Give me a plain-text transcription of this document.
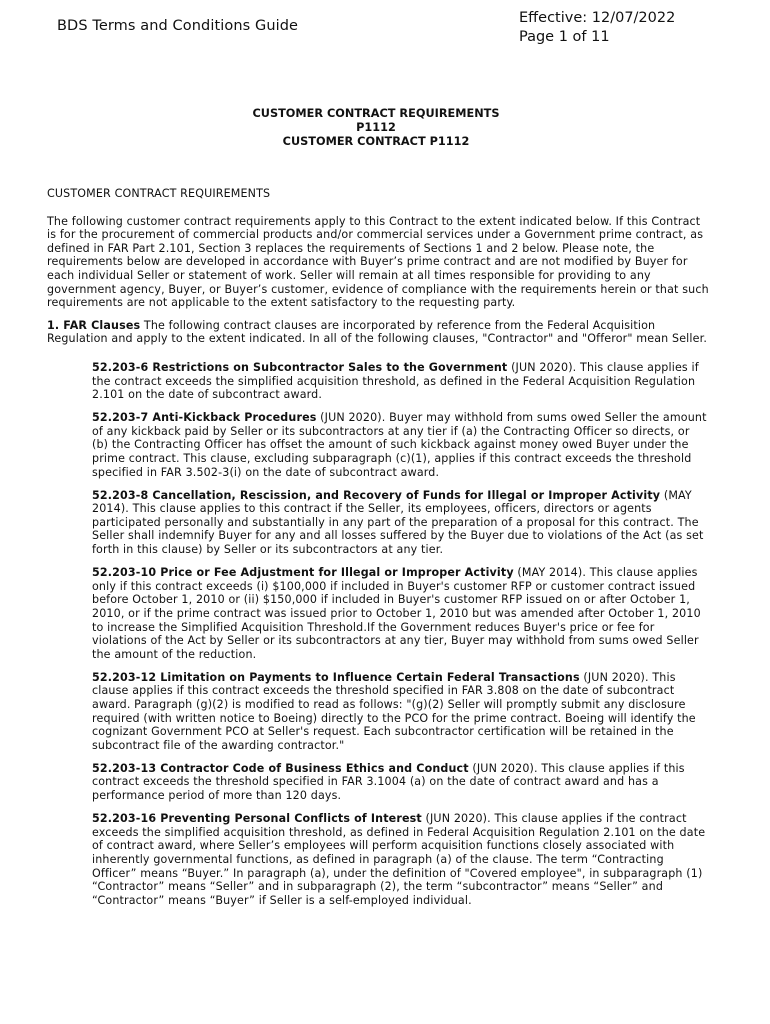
BDS Terms and Conditions Guide	Effective: 12/07/2022
Page 1 of 11
CUSTOMER CONTRACT REQUIREMENTS
P1112
CUSTOMER CONTRACT P1112

CUSTOMER CONTRACT REQUIREMENTS

The following customer contract requirements apply to this Contract to the extent indicated below. If this Contract is for the procurement of commercial products and/or commercial services under a Government prime contract, as defined in FAR Part 2.101, Section 3 replaces the requirements of Sections 1 and 2 below. Please note, the requirements below are developed in accordance with Buyer’s prime contract and are not modified by Buyer for each individual Seller or statement of work. Seller will remain at all times responsible for providing to any government agency, Buyer, or Buyer’s customer, evidence of compliance with the requirements herein or that such requirements are not applicable to the extent satisfactory to the requesting party.

1. FAR Clauses The following contract clauses are incorporated by reference from the Federal Acquisition Regulation and apply to the extent indicated. In all of the following clauses, "Contractor" and "Offeror" mean Seller.

52.203-6 Restrictions on Subcontractor Sales to the Government (JUN 2020). This clause applies if the contract exceeds the simplified acquisition threshold, as defined in the Federal Acquisition Regulation 2.101 on the date of subcontract award.

52.203-7 Anti-Kickback Procedures (JUN 2020). Buyer may withhold from sums owed Seller the amount of any kickback paid by Seller or its subcontractors at any tier if (a) the Contracting Officer so directs, or (b) the Contracting Officer has offset the amount of such kickback against money owed Buyer under the prime contract. This clause, excluding subparagraph (c)(1), applies if this contract exceeds the threshold specified in FAR 3.502-3(i) on the date of subcontract award.

52.203-8 Cancellation, Rescission, and Recovery of Funds for Illegal or Improper Activity (MAY 2014). This clause applies to this contract if the Seller, its employees, officers, directors or agents participated personally and substantially in any part of the preparation of a proposal for this contract. The Seller shall indemnify Buyer for any and all losses suffered by the Buyer due to violations of the Act (as set forth in this clause) by Seller or its subcontractors at any tier.

52.203-10 Price or Fee Adjustment for Illegal or Improper Activity (MAY 2014). This clause applies only if this contract exceeds (i) $100,000 if included in Buyer's customer RFP or customer contract issued before October 1, 2010 or (ii) $150,000 if included in Buyer's customer RFP issued on or after October 1, 2010, or if the prime contract was issued prior to October 1, 2010 but was amended after October 1, 2010 to increase the Simplified Acquisition Threshold.If the Government reduces Buyer's price or fee for violations of the Act by Seller or its subcontractors at any tier, Buyer may withhold from sums owed Seller the amount of the reduction.

52.203-12 Limitation on Payments to Influence Certain Federal Transactions (JUN 2020). This clause applies if this contract exceeds the threshold specified in FAR 3.808 on the date of subcontract award. Paragraph (g)(2) is modified to read as follows: "(g)(2) Seller will promptly submit any disclosure required (with written notice to Boeing) directly to the PCO for the prime contract. Boeing will identify the cognizant Government PCO at Seller's request. Each subcontractor certification will be retained in the subcontract file of the awarding contractor."

52.203-13 Contractor Code of Business Ethics and Conduct (JUN 2020). This clause applies if this contract exceeds the threshold specified in FAR 3.1004 (a) on the date of contract award and has a performance period of more than 120 days.

52.203-16 Preventing Personal Conflicts of Interest (JUN 2020). This clause applies if the contract exceeds the simplified acquisition threshold, as defined in Federal Acquisition Regulation 2.101 on the date of contract award, where Seller’s employees will perform acquisition functions closely associated with inherently governmental functions, as defined in paragraph (a) of the clause. The term “Contracting Officer” means “Buyer.” In paragraph (a), under the definition of "Covered employee", in subparagraph (1) “Contractor” means “Seller” and in subparagraph (2), the term “subcontractor” means “Seller” and “Contractor” means “Buyer” if Seller is a self-employed individual.
